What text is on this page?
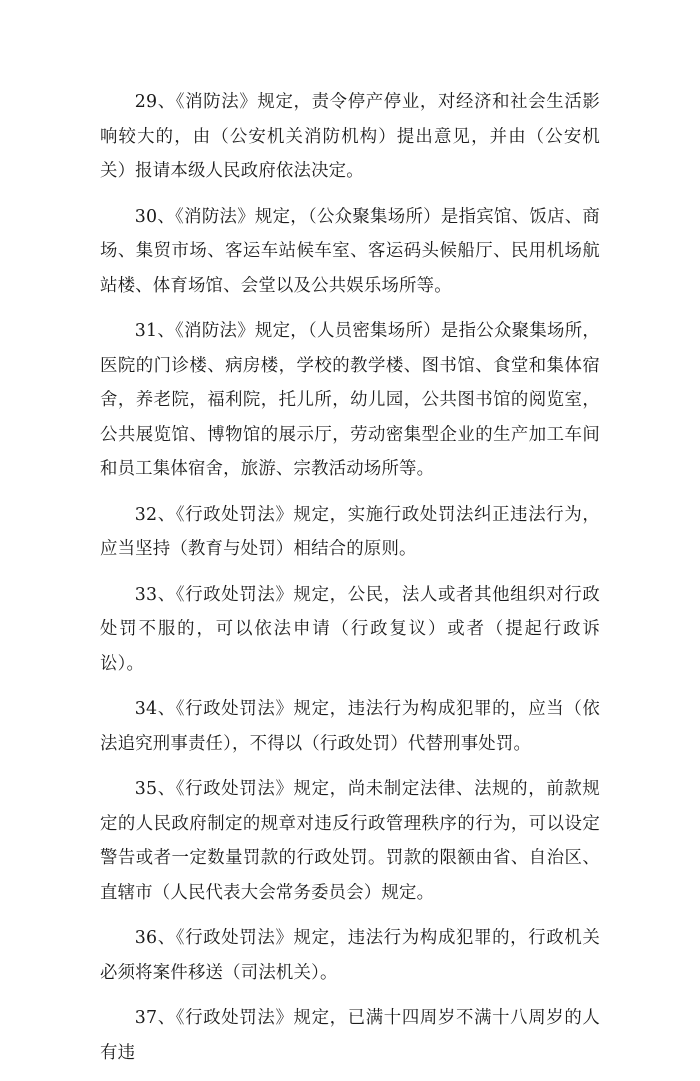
29、《消防法》规定，责令停产停业，对经济和社会生活影响较大的，由（公安机关消防机构）提出意见，并由（公安机关）报请本级人民政府依法决定。

30、《消防法》规定，（公众聚集场所）是指宾馆、饭店、商场、集贸市场、客运车站候车室、客运码头候船厅、民用机场航站楼、体育场馆、会堂以及公共娱乐场所等。

31、《消防法》规定，（人员密集场所）是指公众聚集场所，医院的门诊楼、病房楼，学校的教学楼、图书馆、食堂和集体宿舍，养老院，福利院，托儿所，幼儿园，公共图书馆的阅览室，公共展览馆、博物馆的展示厅，劳动密集型企业的生产加工车间和员工集体宿舍，旅游、宗教活动场所等。

32、《行政处罚法》规定，实施行政处罚法纠正违法行为，应当坚持（教育与处罚）相结合的原则。

33、《行政处罚法》规定，公民，法人或者其他组织对行政处罚不服的，可以依法申请（行政复议）或者（提起行政诉讼）。

34、《行政处罚法》规定，违法行为构成犯罪的，应当（依法追究刑事责任），不得以（行政处罚）代替刑事处罚。

35、《行政处罚法》规定，尚未制定法律、法规的，前款规定的人民政府制定的规章对违反行政管理秩序的行为，可以设定警告或者一定数量罚款的行政处罚。罚款的限额由省、自治区、直辖市（人民代表大会常务委员会）规定。

36、《行政处罚法》规定，违法行为构成犯罪的，行政机关必须将案件移送（司法机关）。

37、《行政处罚法》规定，已满十四周岁不满十八周岁的人有违
